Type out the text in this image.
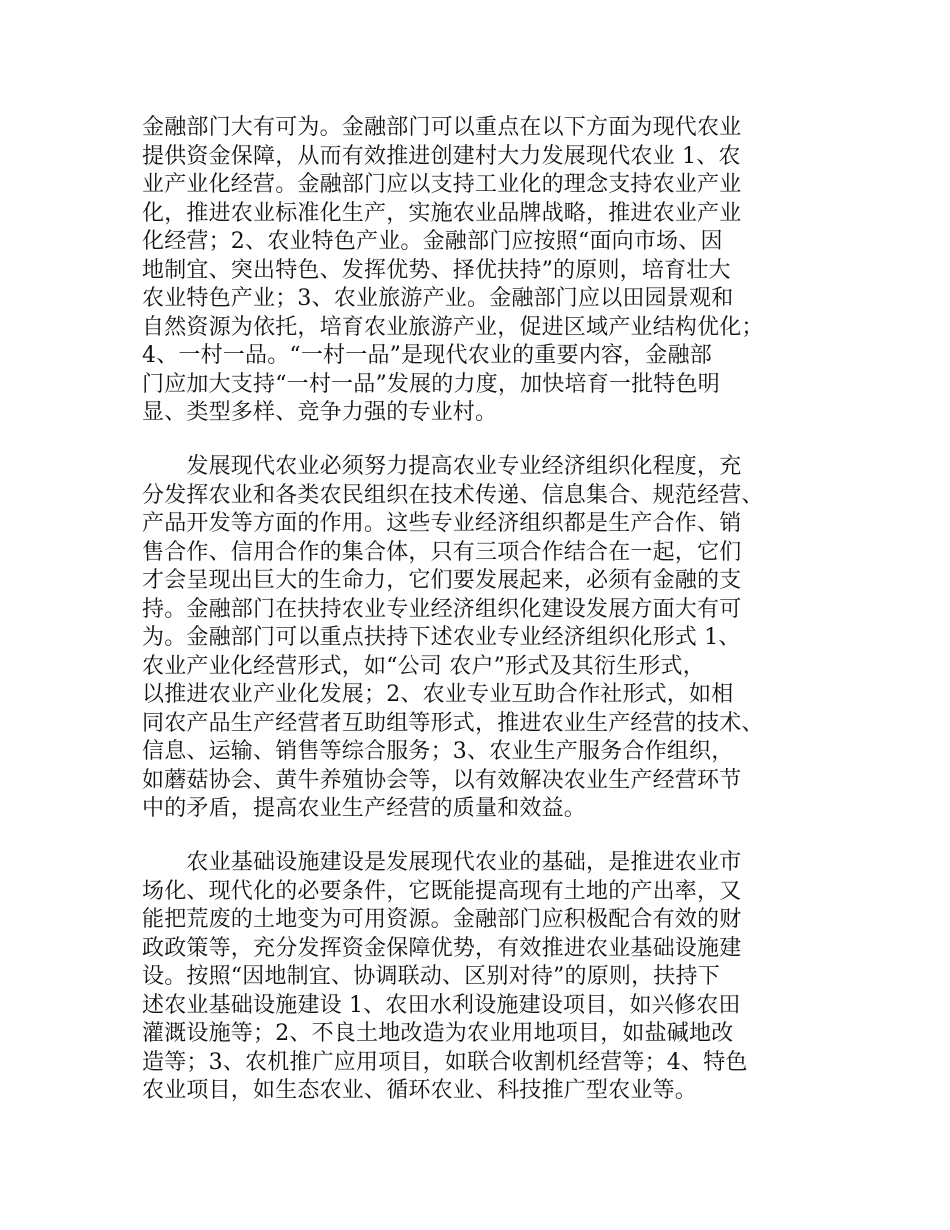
金融部门大有可为。金融部门可以重点在以下方面为现代农业
提供资金保障，从而有效推进创建村大力发展现代农业 1、农
业产业化经营。金融部门应以支持工业化的理念支持农业产业
化，推进农业标准化生产，实施农业品牌战略，推进农业产业
化经营；2、农业特色产业。金融部门应按照“面向市场、因
地制宜、突出特色、发挥优势、择优扶持”的原则，培育壮大
农业特色产业；3、农业旅游产业。金融部门应以田园景观和
自然资源为依托，培育农业旅游产业，促进区域产业结构优化；
4、一村一品。“一村一品”是现代农业的重要内容，金融部
门应加大支持“一村一品”发展的力度，加快培育一批特色明
显、类型多样、竞争力强的专业村。
　　发展现代农业必须努力提高农业专业经济组织化程度，充
分发挥农业和各类农民组织在技术传递、信息集合、规范经营、
产品开发等方面的作用。这些专业经济组织都是生产合作、销
售合作、信用合作的集合体，只有三项合作结合在一起，它们
才会呈现出巨大的生命力，它们要发展起来，必须有金融的支
持。金融部门在扶持农业专业经济组织化建设发展方面大有可
为。金融部门可以重点扶持下述农业专业经济组织化形式 1、
农业产业化经营形式，如“公司 农户”形式及其衍生形式，
以推进农业产业化发展；2、农业专业互助合作社形式，如相
同农产品生产经营者互助组等形式，推进农业生产经营的技术、
信息、运输、销售等综合服务；3、农业生产服务合作组织，
如蘑菇协会、黄牛养殖协会等，以有效解决农业生产经营环节
中的矛盾，提高农业生产经营的质量和效益。
　　农业基础设施建设是发展现代农业的基础，是推进农业市
场化、现代化的必要条件，它既能提高现有土地的产出率，又
能把荒废的土地变为可用资源。金融部门应积极配合有效的财
政政策等，充分发挥资金保障优势，有效推进农业基础设施建
设。按照“因地制宜、协调联动、区别对待”的原则，扶持下
述农业基础设施建设 1、农田水利设施建设项目，如兴修农田
灌溉设施等；2、不良土地改造为农业用地项目，如盐碱地改
造等；3、农机推广应用项目，如联合收割机经营等；4、特色
农业项目，如生态农业、循环农业、科技推广型农业等。
